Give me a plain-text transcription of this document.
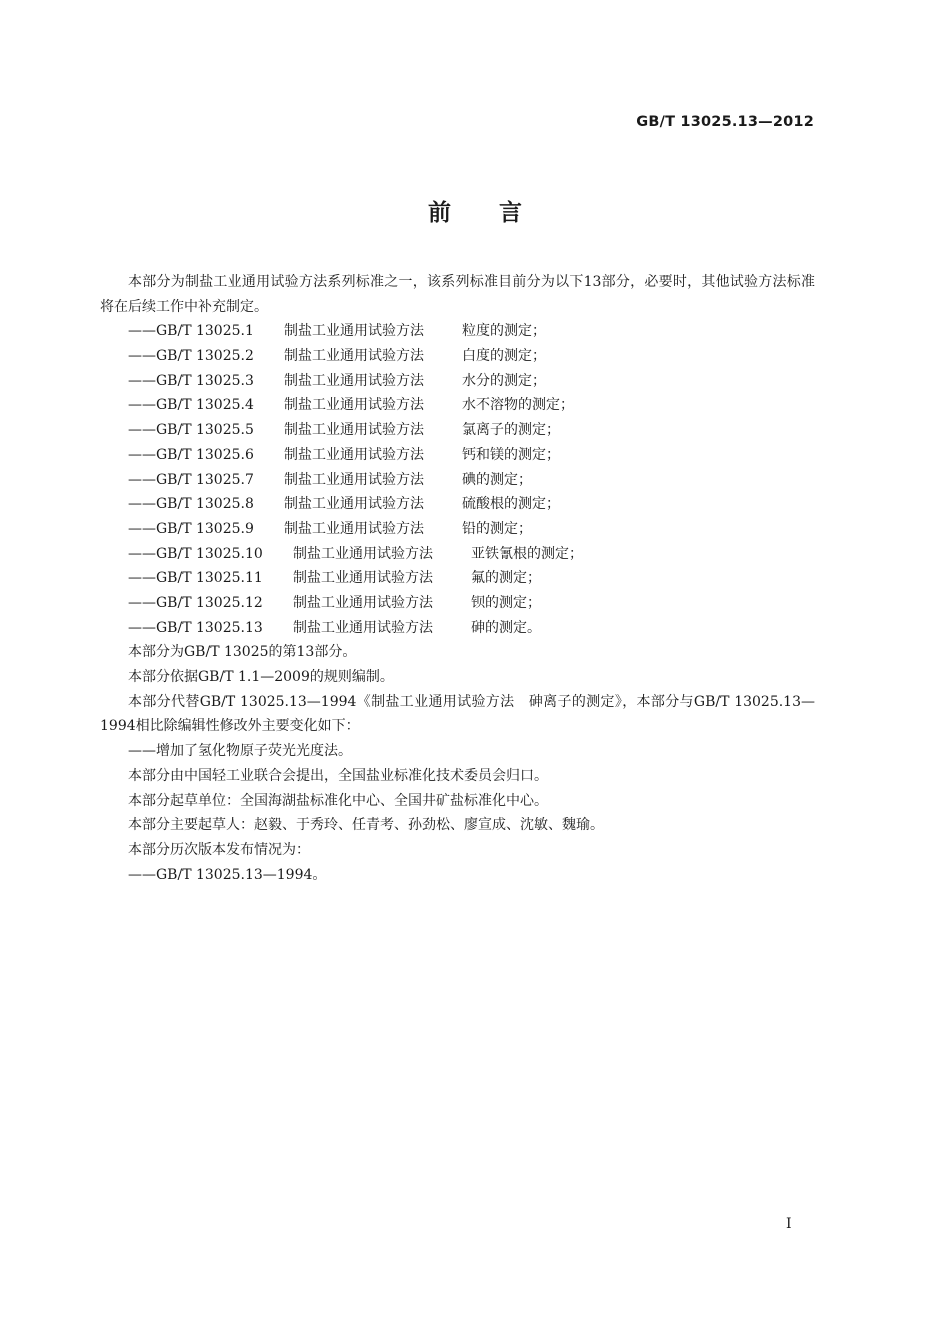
GB/T 13025.13—2012
前言

本部分为制盐工业通用试验方法系列标准之一，该系列标准目前分为以下13部分，必要时，其他试验方法标准将在后续工作中补充制定。

——GB/T 13025.1	制盐工业通用试验方法	粒度的测定；
——GB/T 13025.2	制盐工业通用试验方法	白度的测定；
——GB/T 13025.3	制盐工业通用试验方法	水分的测定；
——GB/T 13025.4	制盐工业通用试验方法	水不溶物的测定；
——GB/T 13025.5	制盐工业通用试验方法	氯离子的测定；
——GB/T 13025.6	制盐工业通用试验方法	钙和镁的测定；
——GB/T 13025.7	制盐工业通用试验方法	碘的测定；
——GB/T 13025.8	制盐工业通用试验方法	硫酸根的测定；
——GB/T 13025.9	制盐工业通用试验方法	铅的测定；
——GB/T 13025.10	制盐工业通用试验方法	亚铁氰根的测定；
——GB/T 13025.11	制盐工业通用试验方法	氟的测定；
——GB/T 13025.12	制盐工业通用试验方法	钡的测定；
——GB/T 13025.13	制盐工业通用试验方法	砷的测定。

本部分为GB/T 13025的第13部分。

本部分依据GB/T 1.1—2009的规则编制。

本部分代替GB/T 13025.13—1994《制盐工业通用试验方法　砷离子的测定》，本部分与GB/T 13025.13—1994相比除编辑性修改外主要变化如下：

——增加了氢化物原子荧光光度法。

本部分由中国轻工业联合会提出，全国盐业标准化技术委员会归口。

本部分起草单位：全国海湖盐标准化中心、全国井矿盐标准化中心。

本部分主要起草人：赵毅、于秀玲、任青考、孙劲松、廖宣成、沈敏、魏瑜。

本部分历次版本发布情况为：

——GB/T 13025.13—1994。

I
